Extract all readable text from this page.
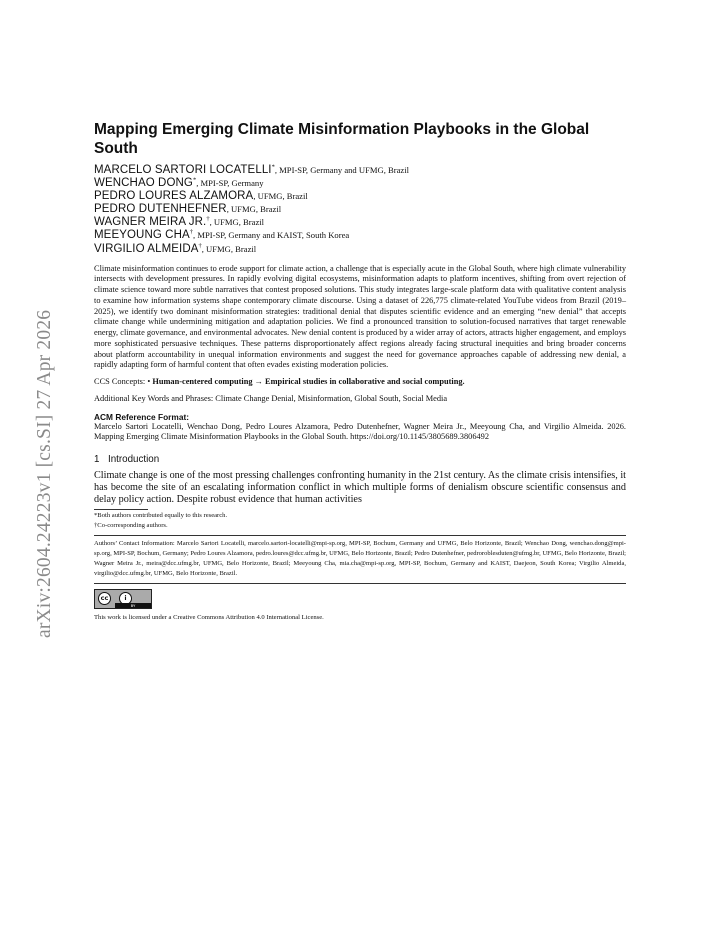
arXiv:2604.24223v1 [cs.SI] 27 Apr 2026
Mapping Emerging Climate Misinformation Playbooks in the Global South
MARCELO SARTORI LOCATELLI*, MPI-SP, Germany and UFMG, Brazil
WENCHAO DONG*, MPI-SP, Germany
PEDRO LOURES ALZAMORA, UFMG, Brazil
PEDRO DUTENHEFNER, UFMG, Brazil
WAGNER MEIRA JR.†, UFMG, Brazil
MEEYOUNG CHA†, MPI-SP, Germany and KAIST, South Korea
VIRGILIO ALMEIDA†, UFMG, Brazil
Climate misinformation continues to erode support for climate action, a challenge that is especially acute in the Global South, where high climate vulnerability intersects with development pressures. In rapidly evolving digital ecosystems, misinformation adapts to platform incentives, shifting from overt rejection of climate science toward more subtle narratives that contest proposed solutions. This study integrates large-scale platform data with qualitative content analysis to examine how information systems shape contemporary climate discourse. Using a dataset of 226,775 climate-related YouTube videos from Brazil (2019–2025), we identify two dominant misinformation strategies: traditional denial that disputes scientific evidence and an emerging “new denial” that accepts climate change while undermining mitigation and adaptation policies. We find a pronounced transition to solution-focused narratives that target renewable energy, climate governance, and environmental advocates. New denial content is produced by a wider array of actors, attracts higher engagement, and employs more sophisticated persuasive techniques. These patterns disproportionately affect regions already facing structural inequities and bring broader concerns about platform accountability in unequal information environments and suggest the need for governance approaches capable of addressing new denial, a rapidly adapting form of harmful content that often evades existing moderation policies.
CCS Concepts: • Human-centered computing → Empirical studies in collaborative and social computing.
Additional Key Words and Phrases: Climate Change Denial, Misinformation, Global South, Social Media
ACM Reference Format:
Marcelo Sartori Locatelli, Wenchao Dong, Pedro Loures Alzamora, Pedro Dutenhefner, Wagner Meira Jr., Meeyoung Cha, and Virgilio Almeida. 2026. Mapping Emerging Climate Misinformation Playbooks in the Global South. https://doi.org/10.1145/3805689.3806492
1 Introduction
Climate change is one of the most pressing challenges confronting humanity in the 21st century. As the climate crisis intensifies, it has become the site of an escalating information conflict in which multiple forms of denialism obscure scientific consensus and delay policy action. Despite robust evidence that human activities
*Both authors contributed equally to this research.
†Co-corresponding authors.
Authors’ Contact Information: Marcelo Sartori Locatelli, marcelo.sartori-locatelli@mpi-sp.org, MPI-SP, Bochum, Germany and UFMG, Belo Horizonte, Brazil; Wenchao Dong, wenchao.dong@mpi-sp.org, MPI-SP, Bochum, Germany; Pedro Loures Alzamora, pedro.loures@dcc.ufmg.br, UFMG, Belo Horizonte, Brazil; Pedro Dutenhefner, pedroroblesduten@ufmg.br, UFMG, Belo Horizonte, Brazil; Wagner Meira Jr., meira@dcc.ufmg.br, UFMG, Belo Horizonte, Brazil; Meeyoung Cha, mia.cha@mpi-sp.org, MPI-SP, Bochum, Germany and KAIST, Daejeon, South Korea; Virgilio Almeida, virgilio@dcc.ufmg.br, UFMG, Belo Horizonte, Brazil.
cc	i
BY
This work is licensed under a Creative Commons Attribution 4.0 International License.
